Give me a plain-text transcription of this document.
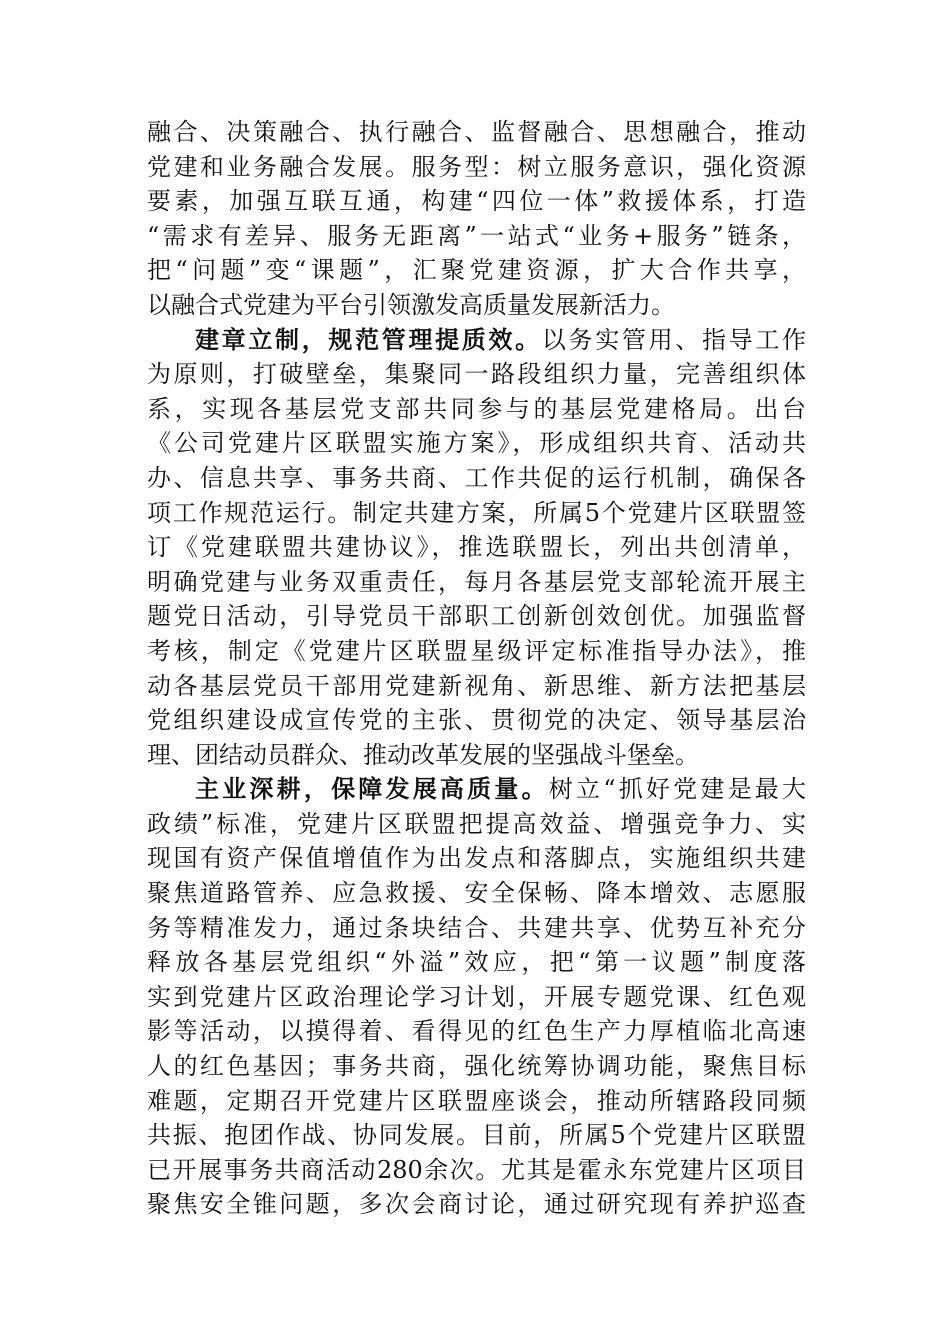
融合、决策融合、执行融合、监督融合、思想融合，推动
党建和业务融合发展。服务型：树立服务意识，强化资源
要素，加强互联互通，构建“四位一体”救援体系，打造
“需求有差异、服务无距离”一站式“业务+服务”链条，
把“问题”变“课题”，汇聚党建资源，扩大合作共享，
以融合式党建为平台引领激发高质量发展新活力。
建章立制，规范管理提质效。以务实管用、指导工作
为原则，打破壁垒，集聚同一路段组织力量，完善组织体
系，实现各基层党支部共同参与的基层党建格局。出台
《公司党建片区联盟实施方案》，形成组织共育、活动共
办、信息共享、事务共商、工作共促的运行机制，确保各
项工作规范运行。制定共建方案，所属5个党建片区联盟签
订《党建联盟共建协议》，推选联盟长，列出共创清单，
明确党建与业务双重责任，每月各基层党支部轮流开展主
题党日活动，引导党员干部职工创新创效创优。加强监督
考核，制定《党建片区联盟星级评定标准指导办法》，推
动各基层党员干部用党建新视角、新思维、新方法把基层
党组织建设成宣传党的主张、贯彻党的决定、领导基层治
理、团结动员群众、推动改革发展的坚强战斗堡垒。
主业深耕，保障发展高质量。树立“抓好党建是最大
政绩”标准，党建片区联盟把提高效益、增强竞争力、实
现国有资产保值增值作为出发点和落脚点，实施组织共建
聚焦道路管养、应急救援、安全保畅、降本增效、志愿服
务等精准发力，通过条块结合、共建共享、优势互补充分
释放各基层党组织“外溢”效应，把“第一议题”制度落
实到党建片区政治理论学习计划，开展专题党课、红色观
影等活动，以摸得着、看得见的红色生产力厚植临北高速
人的红色基因；事务共商，强化统筹协调功能，聚焦目标
难题，定期召开党建片区联盟座谈会，推动所辖路段同频
共振、抱团作战、协同发展。目前，所属5个党建片区联盟
已开展事务共商活动280余次。尤其是霍永东党建片区项目
聚焦安全锥问题，多次会商讨论，通过研究现有养护巡查
